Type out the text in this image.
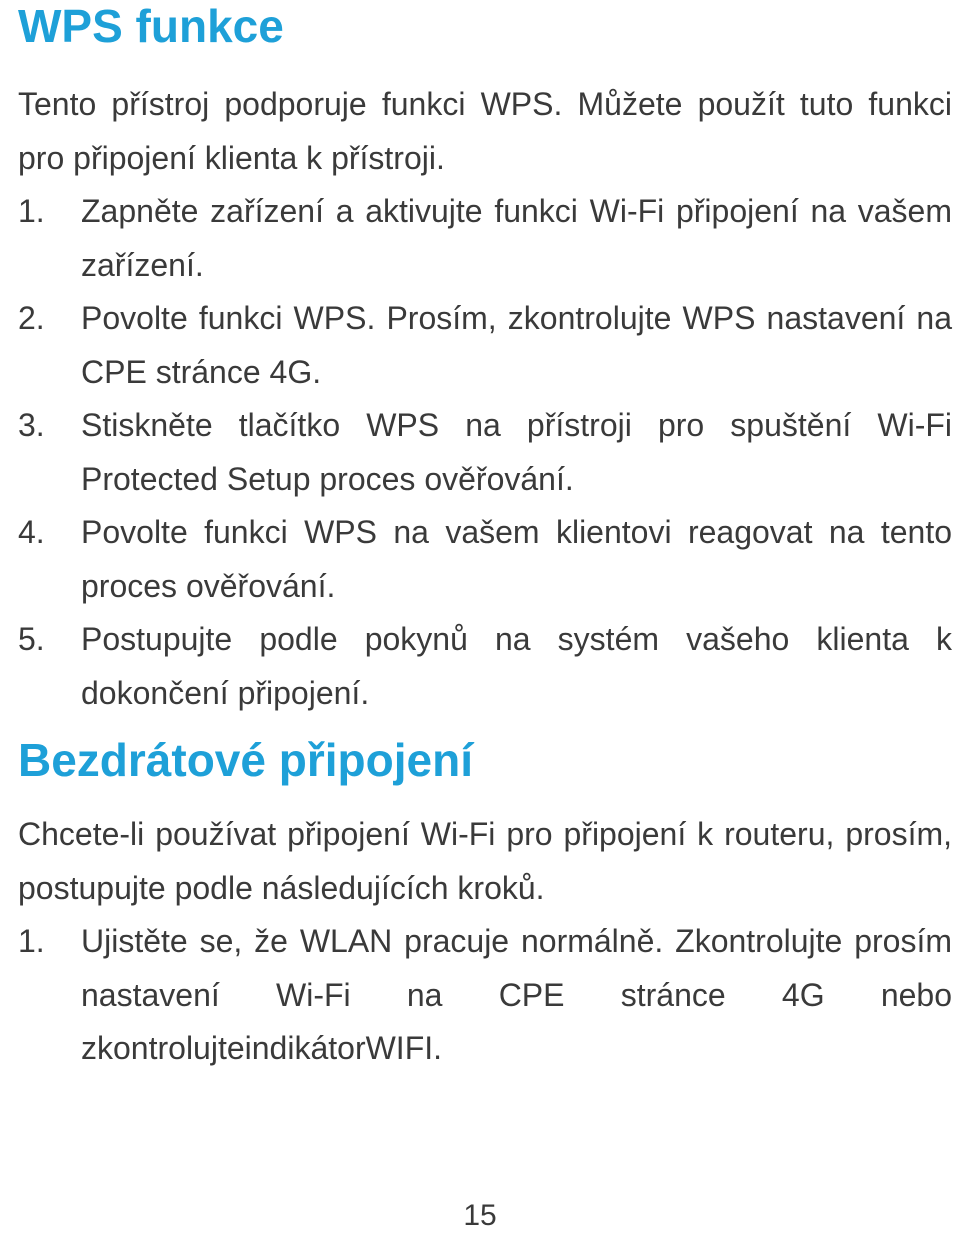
WPS funkce

Tento přístroj podporuje funkci WPS. Můžete použít tuto funkci pro připojení klienta k přístroji.

1.	Zapněte zařízení a aktivujte funkci Wi-Fi připojení na vašem zařízení.
2.	Povolte funkci WPS. Prosím, zkontrolujte WPS nastavení na CPE stránce 4G.
3.	Stiskněte tlačítko WPS na přístroji pro spuštění Wi-Fi Protected Setup proces ověřování.
4.	Povolte funkci WPS na vašem klientovi reagovat na tento proces ověřování.
5.	Postupujte podle pokynů na systém vašeho klienta k dokončení připojení.
Bezdrátové připojení

Chcete-li používat připojení Wi-Fi pro připojení k routeru, prosím, postupujte podle následujících kroků.

1.	Ujistěte se, že WLAN pracuje normálně. Zkontrolujte prosím nastavení Wi-Fi na CPE stránce 4G nebo zkontrolujteindikátorWIFI.
15
